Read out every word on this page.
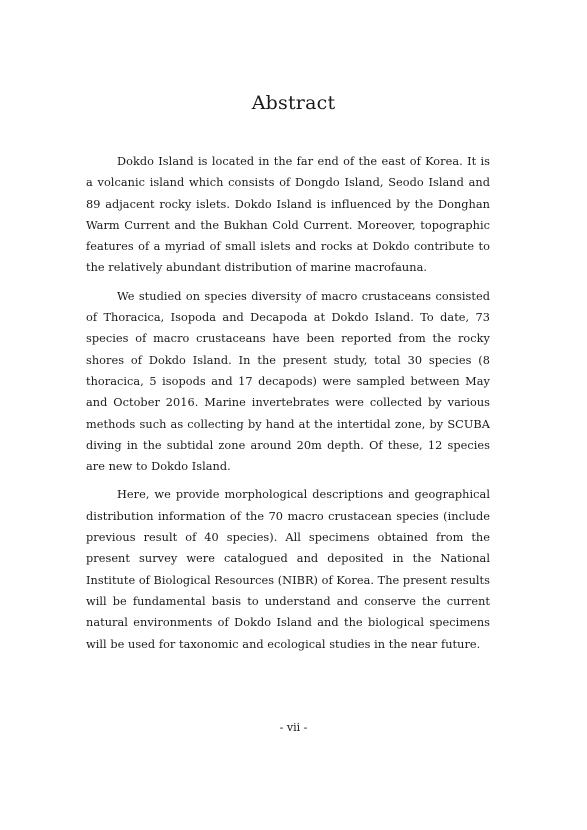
Abstract

Dokdo Island is located in the far end of the east of Korea. It is a volcanic island which consists of Dongdo Island, Seodo Island and 89 adjacent rocky islets. Dokdo Island is influenced by the Donghan Warm Current and the Bukhan Cold Current. Moreover, topographic features of a myriad of small islets and rocks at Dokdo contribute to the relatively abundant distribution of marine macrofauna.

We studied on species diversity of macro crustaceans consisted of Thoracica, Isopoda and Decapoda at Dokdo Island. To date, 73 species of macro crustaceans have been reported from the rocky shores of Dokdo Island. In the present study, total 30 species (8 thoracica, 5 isopods and 17 decapods) were sampled between May and October 2016. Marine invertebrates were collected by various methods such as collecting by hand at the intertidal zone, by SCUBA diving in the subtidal zone around 20m depth. Of these, 12 species are new to Dokdo Island.

Here, we provide morphological descriptions and geographical distribution information of the 70 macro crustacean species (include previous result of 40 species). All specimens obtained from the present survey were catalogued and deposited in the National Institute of Biological Resources (NIBR) of Korea. The present results will be fundamental basis to understand and conserve the current natural environments of Dokdo Island and the biological specimens will be used for taxonomic and ecological studies in the near future.

- vii -
